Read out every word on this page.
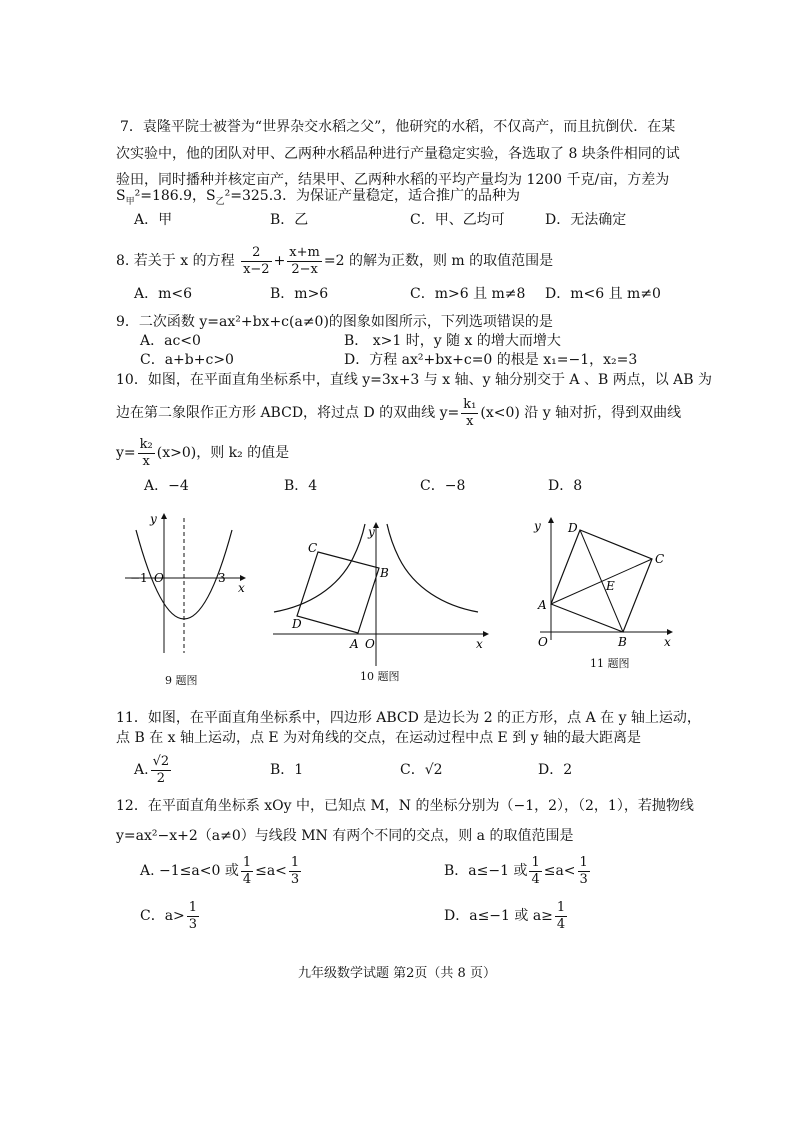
7．袁隆平院士被誉为“世界杂交水稻之父”，他研究的水稻，不仅高产，而且抗倒伏．在某
次实验中，他的团队对甲、乙两种水稻品种进行产量稳定实验，各选取了 8 块条件相同的试
验田，同时播种并核定亩产，结果甲、乙两种水稻的平均产量均为 1200 千克/亩，方差为
$S_甲^2=186.9$，$S_乙^2=325.3$．为保证产量稳定，适合推广的品种为
A．甲	B．乙	C．甲、乙均可	D．无法确定
8. 若关于 x 的方程 $\frac{2}{x-2} + \frac{x+m}{2-x} =2$ 的解为正数，则 m 的取值范围是
A．m<6	B．m>6	C．m>6 且 m≠8 D．m<6 且 m≠0
9．二次函数 y=ax²+bx+c(a≠0)的图象如图所示，下列选项错误的是
A．ac<0	B． x>1 时，y 随 x 的增大而增大
C．a+b+c>0	D．方程 ax²+bx+c=0 的根是 x₁=−1，x₂=3
10．如图，在平面直角坐标系中，直线 y=3x+3 与 x 轴、y 轴分别交于 A 、B 两点，以 AB 为
边在第二象限作正方形 ABCD，将过点 D 的双曲线 $y= \frac{\text{k₁}}{x} (x<0)$ 沿 y 轴对折，得到双曲线
$y= \frac{\text{k₂}}{x} (x>0)$，则 k₂ 的值是
A．−4	B．4	C．−8	D．8
y
x
−1 O	3
9 题图
y
x
A O
B
C
D
10 题图
y
x
O
A
B
C
D
E
11 题图
11．如图，在平面直角坐标系中，四边形 ABCD 是边长为 2 的正方形，点 A 在 y 轴上运动，
点 B 在 x 轴上运动，点 E 为对角线的交点，在运动过程中点 E 到 y 轴的最大距离是
A. $\frac{√2}{2}$	B．1	C．√2	D．2
12．在平面直角坐标系 xOy 中，已知点 M，N 的坐标分别为（−1，2），（2，1），若抛物线
y=ax²−x+2（a≠0）与线段 MN 有两个不同的交点，则 a 的取值范围是
A. −1≤a<0 或 $\frac{1}{4} \le a< \frac{1}{3}$	B．a≤−1 或 $\frac{1}{4} \le a< \frac{1}{3}$
C．$a> \frac{1}{3}$	D．a≤−1 或 $a\ge \frac{1}{4}$
九年级数学试题 第2页（共 8 页）
